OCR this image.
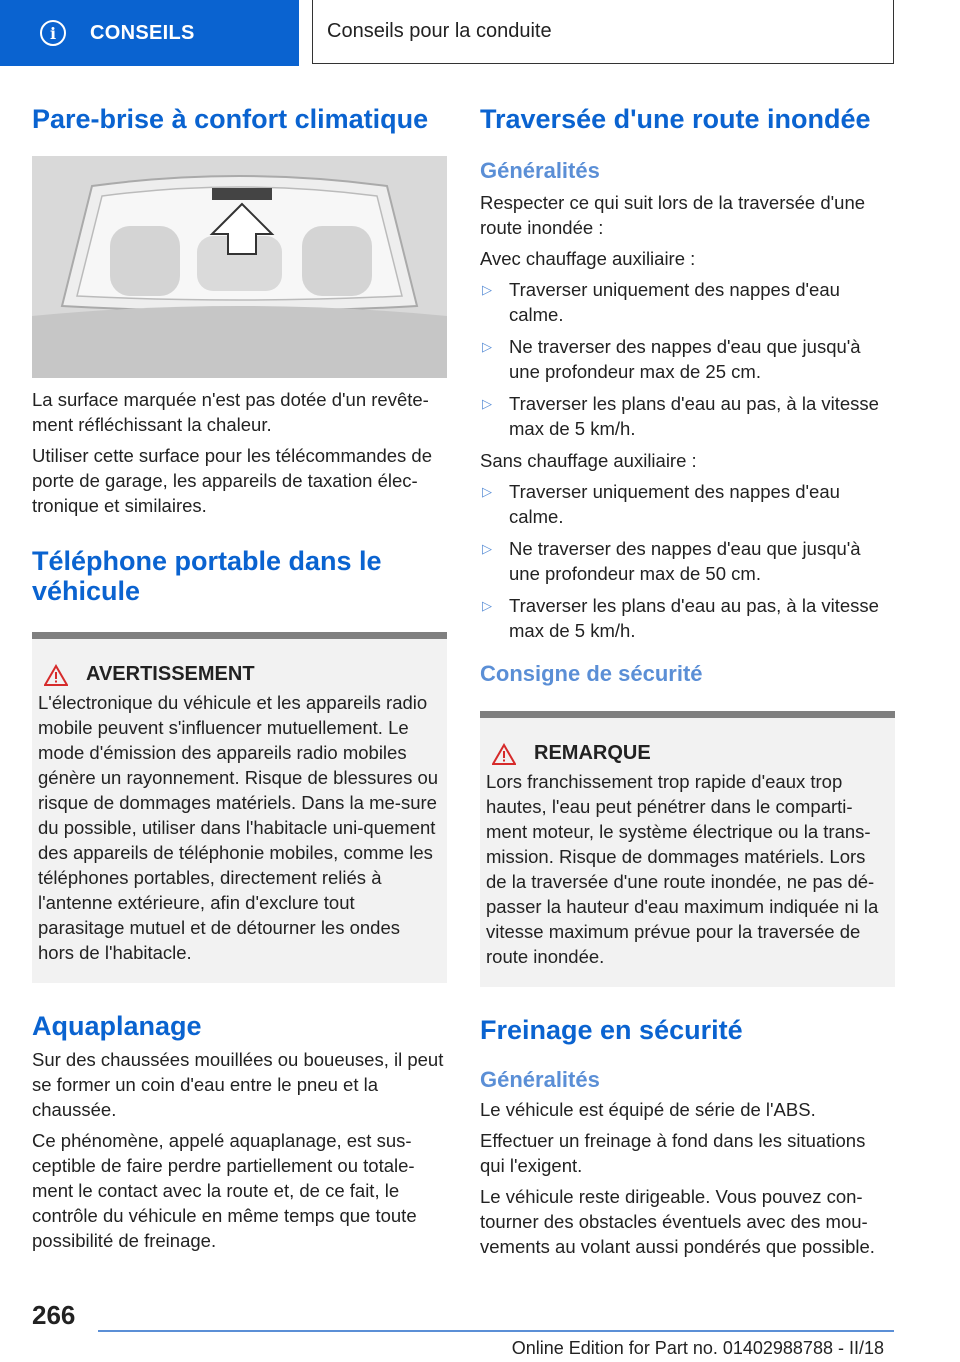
i	CONSEILS	Conseils pour la conduite
Pare-brise à confort climatique

La surface marquée n'est pas dotée d'un revête-ment réfléchissant la chaleur.

Utiliser cette surface pour les télécommandes de porte de garage, les appareils de taxation élec-tronique et similaires.

Téléphone portable dans le véhicule
AVERTISSEMENT

L'électronique du véhicule et les appareils radio mobile peuvent s'influencer mutuellement. Le mode d'émission des appareils radio mobiles génère un rayonnement. Risque de blessures ou risque de dommages matériels. Dans la me-sure du possible, utiliser dans l'habitacle uni-quement des appareils de téléphonie mobiles, comme les téléphones portables, directement reliés à l'antenne extérieure, afin d'exclure tout parasitage mutuel et de détourner les ondes hors de l'habitacle.

Aquaplanage

Sur des chaussées mouillées ou boueuses, il peut se former un coin d'eau entre le pneu et la chaussée.

Ce phénomène, appelé aquaplanage, est sus-ceptible de faire perdre partiellement ou totale-ment le contact avec la route et, de ce fait, le contrôle du véhicule en même temps que toute possibilité de freinage.

Traversée d'une route inondée
Généralités

Respecter ce qui suit lors de la traversée d'une route inondée :

Avec chauffage auxiliaire :

▷ Traverser uniquement des nappes d'eau calme.
▷ Ne traverser des nappes d'eau que jusqu'à une profondeur max de 25 cm.
▷ Traverser les plans d'eau au pas, à la vitesse max de 5 km/h.

Sans chauffage auxiliaire :

▷ Traverser uniquement des nappes d'eau calme.
▷ Ne traverser des nappes d'eau que jusqu'à une profondeur max de 50 cm.
▷ Traverser les plans d'eau au pas, à la vitesse max de 5 km/h.
Consigne de sécurité
REMARQUE

Lors franchissement trop rapide d'eaux trop hautes, l'eau peut pénétrer dans le comparti-ment moteur, le système électrique ou la trans-mission. Risque de dommages matériels. Lors de la traversée d'une route inondée, ne pas dé-passer la hauteur d'eau maximum indiquée ni la vitesse maximum prévue pour la traversée de route inondée.

Freinage en sécurité
Généralités

Le véhicule est équipé de série de l'ABS.

Effectuer un freinage à fond dans les situations qui l'exigent.

Le véhicule reste dirigeable. Vous pouvez con-tourner des obstacles éventuels avec des mou-vements au volant aussi pondérés que possible.

266
Online Edition for Part no. 01402988788 - II/18
